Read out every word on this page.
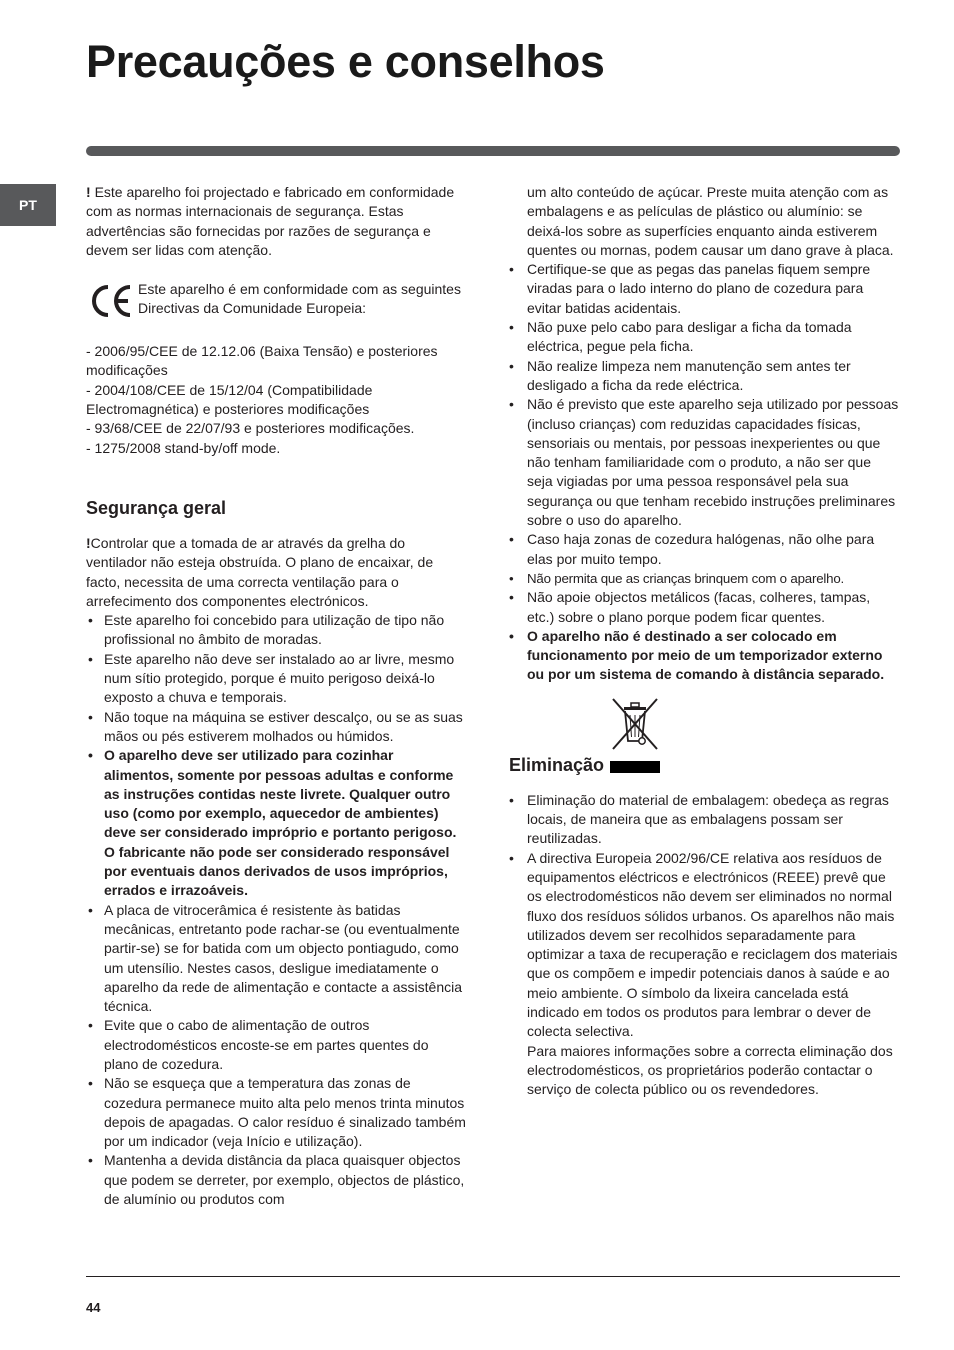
Precauções e conselhos
PT

! Este aparelho foi projectado e fabricado em conformidade com as normas internacionais de segurança. Estas advertências são fornecidas por razões de segurança e devem ser lidas com atenção.

Este aparelho é em conformidade com as seguintes Directivas da Comunidade Europeia:

- 2006/95/CEE de 12.12.06 (Baixa Tensão) e posteriores modificações

- 2004/108/CEE de 15/12/04 (Compatibilidade Electromagnética) e posteriores modificações

- 93/68/CEE de 22/07/93 e posteriores modificações.

- 1275/2008 stand-by/off mode.

Segurança geral

!Controlar que a tomada de ar através da grelha do ventilador não esteja obstruída. O plano de encaixar, de facto, necessita de uma correcta ventilação para o arrefecimento dos componentes electrónicos.

• Este aparelho foi concebido para utilização de tipo não profissional no âmbito de moradas.
• Este aparelho não deve ser instalado ao ar livre, mesmo num sítio protegido, porque é muito perigoso deixá-lo exposto a chuva e temporais.
• Não toque na máquina se estiver descalço, ou se as suas mãos ou pés estiverem molhados ou húmidos.
• O aparelho deve ser utilizado para cozinhar alimentos, somente por pessoas adultas e conforme as instruções contidas neste livrete. Qualquer outro uso (como por exemplo, aquecedor de ambientes) deve ser considerado impróprio e portanto perigoso. O fabricante não pode ser considerado responsável por eventuais danos derivados de usos impróprios, errados e irrazoáveis.
• A placa de vitrocerâmica é resistente às batidas mecânicas, entretanto pode rachar-se (ou eventualmente partir-se) se for batida com um objecto pontiagudo, como um utensílio. Nestes casos, desligue imediatamente o aparelho da rede de alimentação e contacte a assistência técnica.
• Evite que o cabo de alimentação de outros electrodomésticos encoste-se em partes quentes do plano de cozedura.
• Não se esqueça que a temperatura das zonas de cozedura permanece muito alta pelo menos trinta minutos depois de apagadas. O calor resíduo é sinalizado também por um indicador (veja Início e utilização).
• Mantenha a devida distância da placa quaisquer objectos que podem se derreter, por exemplo, objectos de plástico, de alumínio ou produtos com

um alto conteúdo de açúcar. Preste muita atenção com as embalagens e as películas de plástico ou alumínio: se deixá-los sobre as superfícies enquanto ainda estiverem quentes ou mornas, podem causar um dano grave à placa.

• Certifique-se que as pegas das panelas fiquem sempre viradas para o lado interno do plano de cozedura para evitar batidas acidentais.
• Não puxe pelo cabo para desligar a ficha da tomada eléctrica, pegue pela ficha.
• Não realize limpeza nem manutenção sem antes ter desligado a ficha da rede eléctrica.
• Não é previsto que este aparelho seja utilizado por pessoas (incluso crianças) com reduzidas capacidades físicas, sensoriais ou mentais, por pessoas inexperientes ou que não tenham familiaridade com o produto, a não ser que seja vigiadas por uma pessoa responsável pela sua segurança ou que tenham recebido instruções preliminares sobre o uso do aparelho.
• Caso haja zonas de cozedura halógenas, não olhe para elas por muito tempo.
• Não permita que as crianças brinquem com o aparelho.
• Não apoie objectos metálicos (facas, colheres, tampas, etc.) sobre o plano porque podem ficar quentes.
• O aparelho não é destinado a ser colocado em funcionamento por meio de um temporizador externo ou por um sistema de comando à distância separado.
Eliminação
• Eliminação do material de embalagem: obedeça as regras locais, de maneira que as embalagens possam ser reutilizadas.
• A directiva Europeia 2002/96/CE relativa aos resíduos de equipamentos eléctricos e electrónicos (REEE) prevê que os electrodomésticos não devem ser eliminados no normal fluxo dos resíduos sólidos urbanos. Os aparelhos não mais utilizados devem ser recolhidos separadamente para optimizar a taxa de recuperação e reciclagem dos materiais que os compõem e impedir potenciais danos à saúde e ao meio ambiente. O símbolo da lixeira cancelada está indicado em todos os produtos para lembrar o dever de colecta selectiva.

Para maiores informações sobre a correcta eliminação dos electrodomésticos, os proprietários poderão contactar o serviço de colecta público ou os revendedores.

44
